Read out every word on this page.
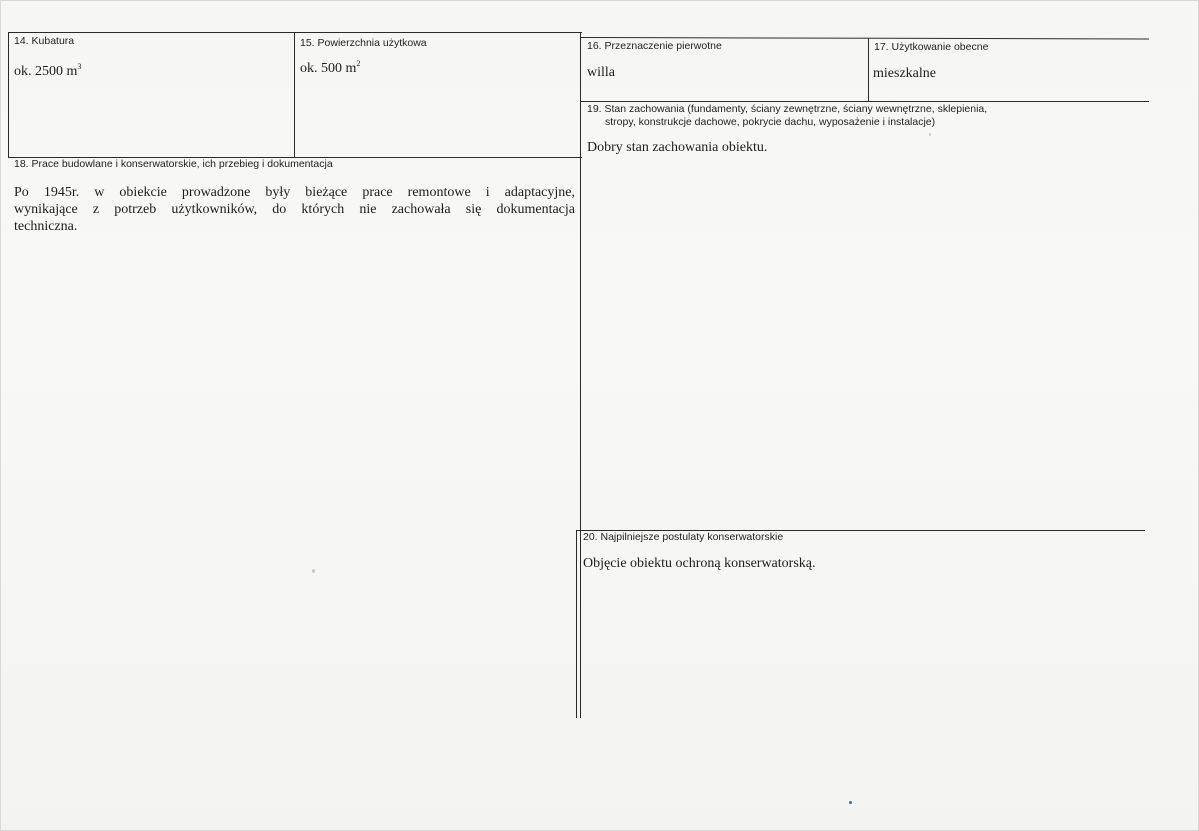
14. Kubatura
ok. 2500 $m^3$
15. Powierzchnia użytkowa
ok. 500 $m^2$
16. Przeznaczenie pierwotne
willa
17. Użytkowanie obecne
mieszkalne
19. Stan zachowania (fundamenty, ściany zewnętrzne, ściany wewnętrzne, sklepienia,
stropy, konstrukcje dachowe, pokrycie dachu, wyposażenie i instalacje)
Dobry stan zachowania obiektu.
18. Prace budowlane i konserwatorskie, ich przebieg i dokumentacja
Po 1945r. w obiekcie prowadzone były bieżące prace remontowe i adaptacyjne,
wynikające z potrzeb użytkowników, do których nie zachowała się dokumentacja
techniczna.
20. Najpilniejsze postulaty konserwatorskie
Objęcie obiektu ochroną konserwatorską.
